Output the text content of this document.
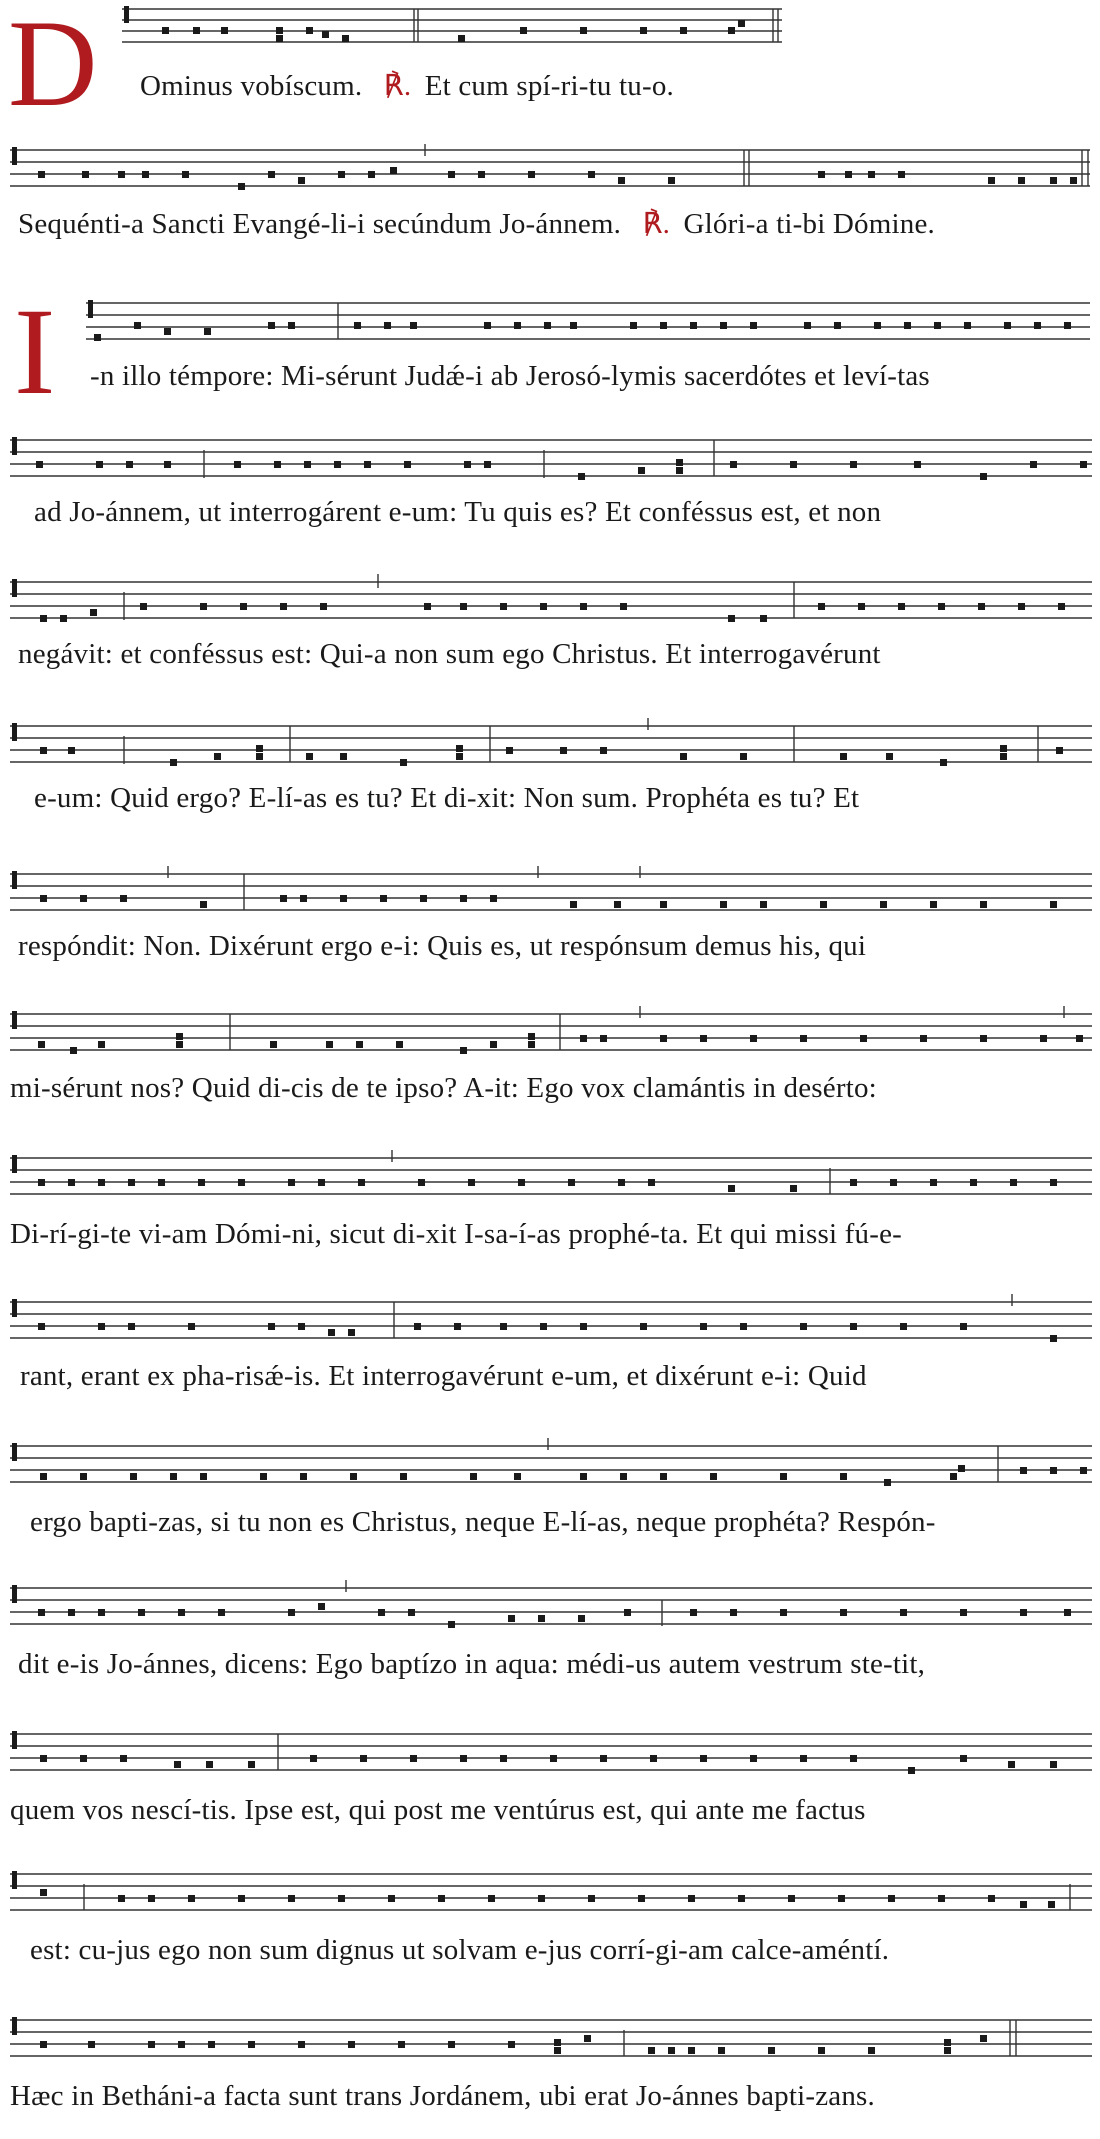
D Ominus vobíscum. ℟. Et cum spí-ri-tu tu-o.
Sequénti-a Sancti Evangé-li-i secúndum Jo-ánnem. ℟. Glóri-a ti-bi Dómine.
I -n illo témpore: Mi-sérunt Judǽ-i ab Jerosó-lymis sacerdótes et leví-tas
ad Jo-ánnem, ut interrogárent e-um: Tu quis es? Et conféssus est, et non
negávit: et conféssus est: Qui-a non sum ego Christus. Et interrogavérunt
e-um: Quid ergo? E-lí-as es tu? Et di-xit: Non sum. Prophéta es tu? Et
respóndit: Non. Dixérunt ergo e-i: Quis es, ut respónsum demus his, qui
mi-sérunt nos? Quid di-cis de te ipso? A-it: Ego vox clamántis in desérto:
Di-rí-gi-te vi-am Dómi-ni, sicut di-xit I-sa-í-as prophé-ta. Et qui missi fú-e-
rant, erant ex pha-risǽ-is. Et interrogavérunt e-um, et dixérunt e-i: Quid
ergo bapti-zas, si tu non es Christus, neque E-lí-as, neque prophéta? Respón-
dit e-is Jo-ánnes, dicens: Ego baptízo in aqua: médi-us autem vestrum ste-tit,
quem vos nescí-tis. Ipse est, qui post me ventúrus est, qui ante me factus
est: cu-jus ego non sum dignus ut solvam e-jus corrí-gi-am calce-améntí.
Hæc in Betháni-a facta sunt trans Jordánem, ubi erat Jo-ánnes bapti-zans.
